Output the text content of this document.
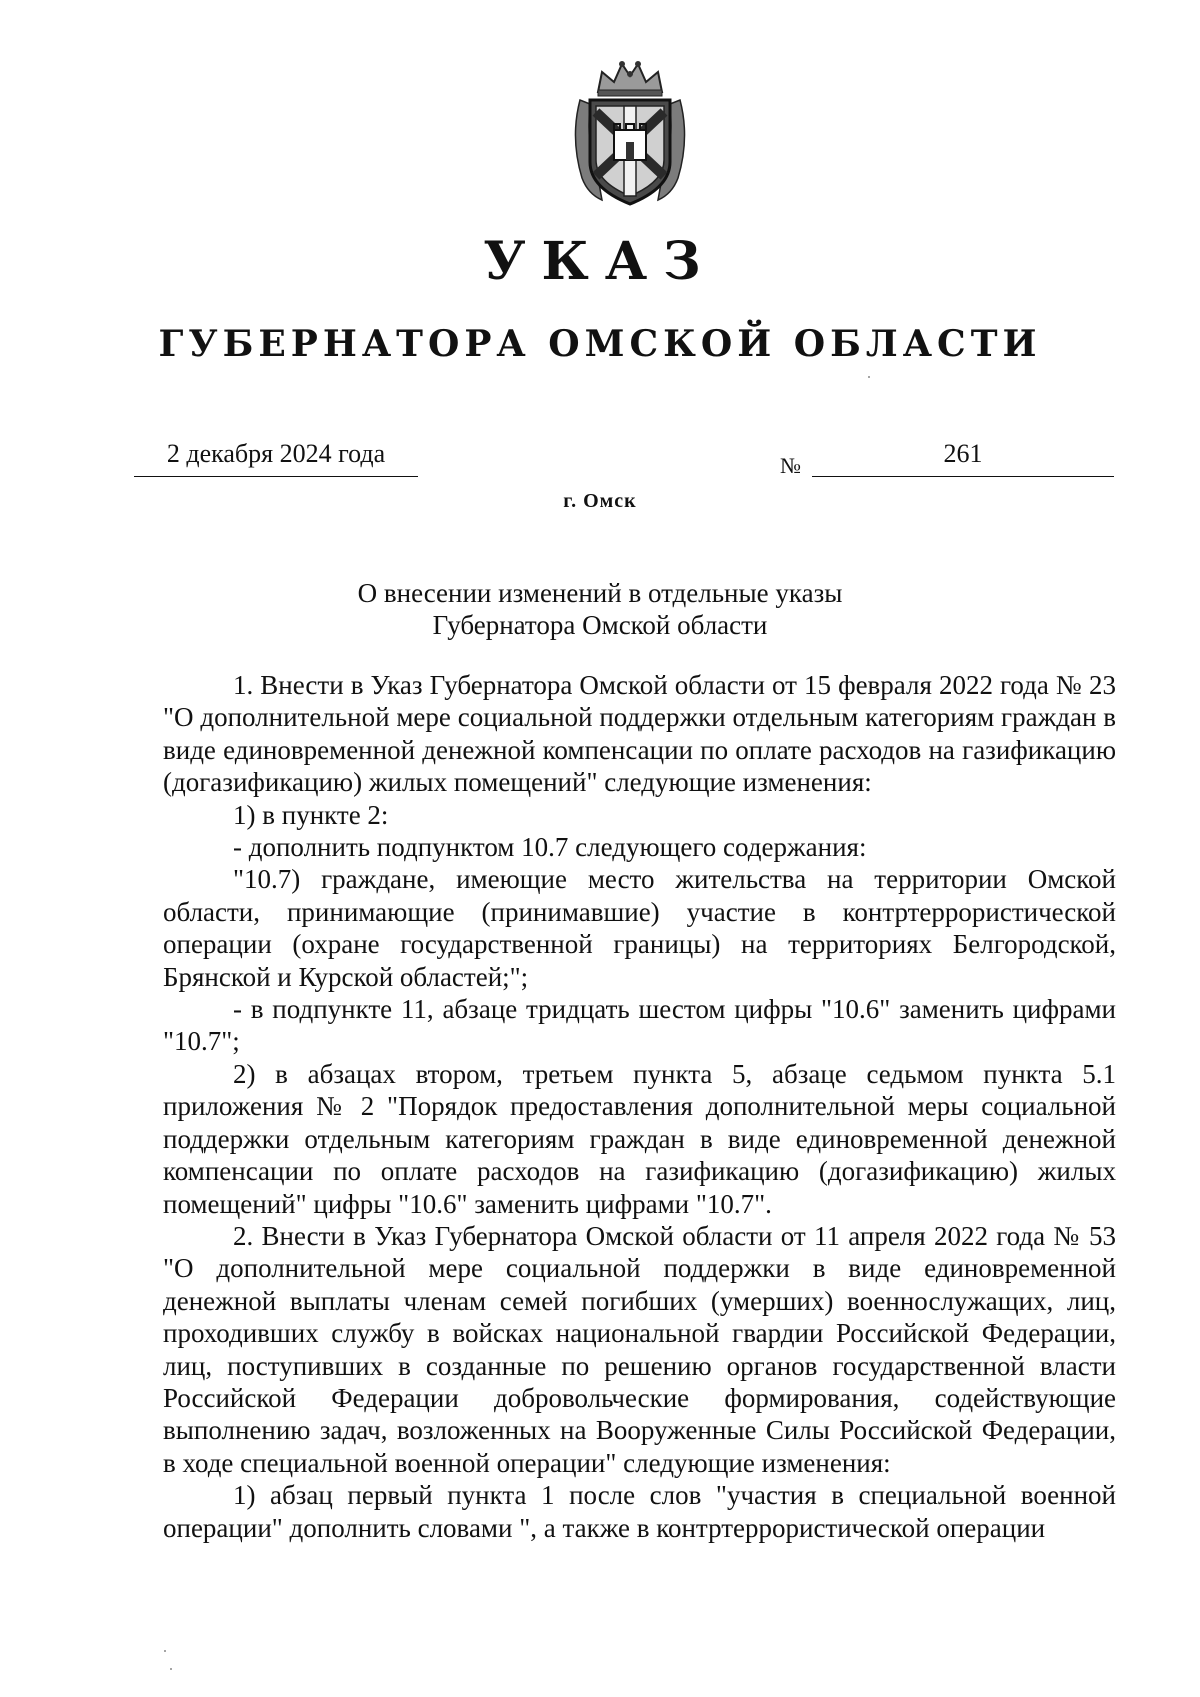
УКАЗ
ГУБЕРНАТОРА ОМСКОЙ ОБЛАСТИ
2 декабря 2024 года	№	261
г. Омск
О внесении изменений в отдельные указы
Губернатора Омской области

1. Внести в Указ Губернатора Омской области от 15 февраля 2022 года № 23 "О дополнительной мере социальной поддержки отдельным категориям граждан в виде единовременной денежной компенсации по оплате расходов на газификацию (догазификацию) жилых помещений" следующие изменения:

1) в пункте 2:

- дополнить подпунктом 10.7 следующего содержания:

"10.7) граждане, имеющие место жительства на территории Омской области, принимающие (принимавшие) участие в контртеррористической операции (охране государственной границы) на территориях Белгородской, Брянской и Курской областей;";

- в подпункте 11, абзаце тридцать шестом цифры "10.6" заменить цифрами "10.7";

2) в абзацах втором, третьем пункта 5, абзаце седьмом пункта 5.1 приложения № 2 "Порядок предоставления дополнительной меры социальной поддержки отдельным категориям граждан в виде единовременной денежной компенсации по оплате расходов на газификацию (догазификацию) жилых помещений" цифры "10.6" заменить цифрами "10.7".

2. Внести в Указ Губернатора Омской области от 11 апреля 2022 года № 53 "О дополнительной мере социальной поддержки в виде единовременной денежной выплаты членам семей погибших (умерших) военнослужащих, лиц, проходивших службу в войсках национальной гвардии Российской Федерации, лиц, поступивших в созданные по решению органов государственной власти Российской Федерации добровольческие формирования, содействующие выполнению задач, возложенных на Вооруженные Силы Российской Федерации, в ходе специальной военной операции" следующие изменения:

1) абзац первый пункта 1 после слов "участия в специальной военной операции" дополнить словами ", а также в контртеррористической операции
